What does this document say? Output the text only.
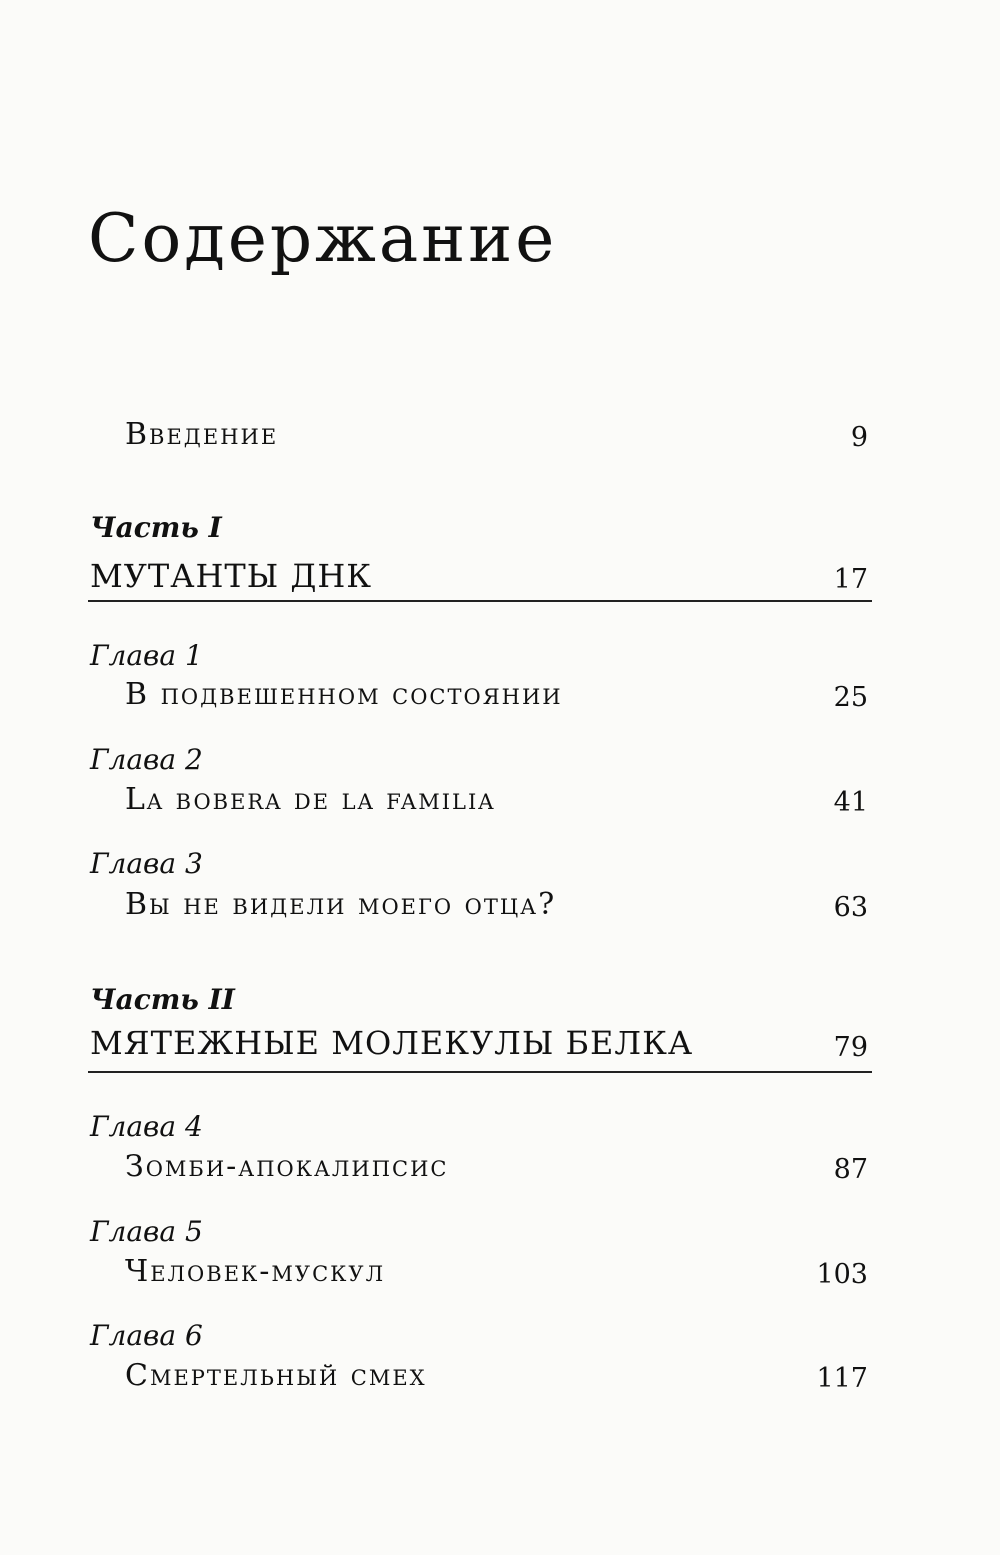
Содержание
Введение	9
Часть I
МУТАНТЫ ДНК	17
Глава 1
В подвешенном состоянии	25
Глава 2
La bobera de la familia	41
Глава 3
Вы не видели моего отца?	63
Часть II
МЯТЕЖНЫЕ МОЛЕКУЛЫ БЕЛКА	79
Глава 4
Зомби-апокалипсис	87
Глава 5
Человек-мускул	103
Глава 6
Смертельный смех	117
